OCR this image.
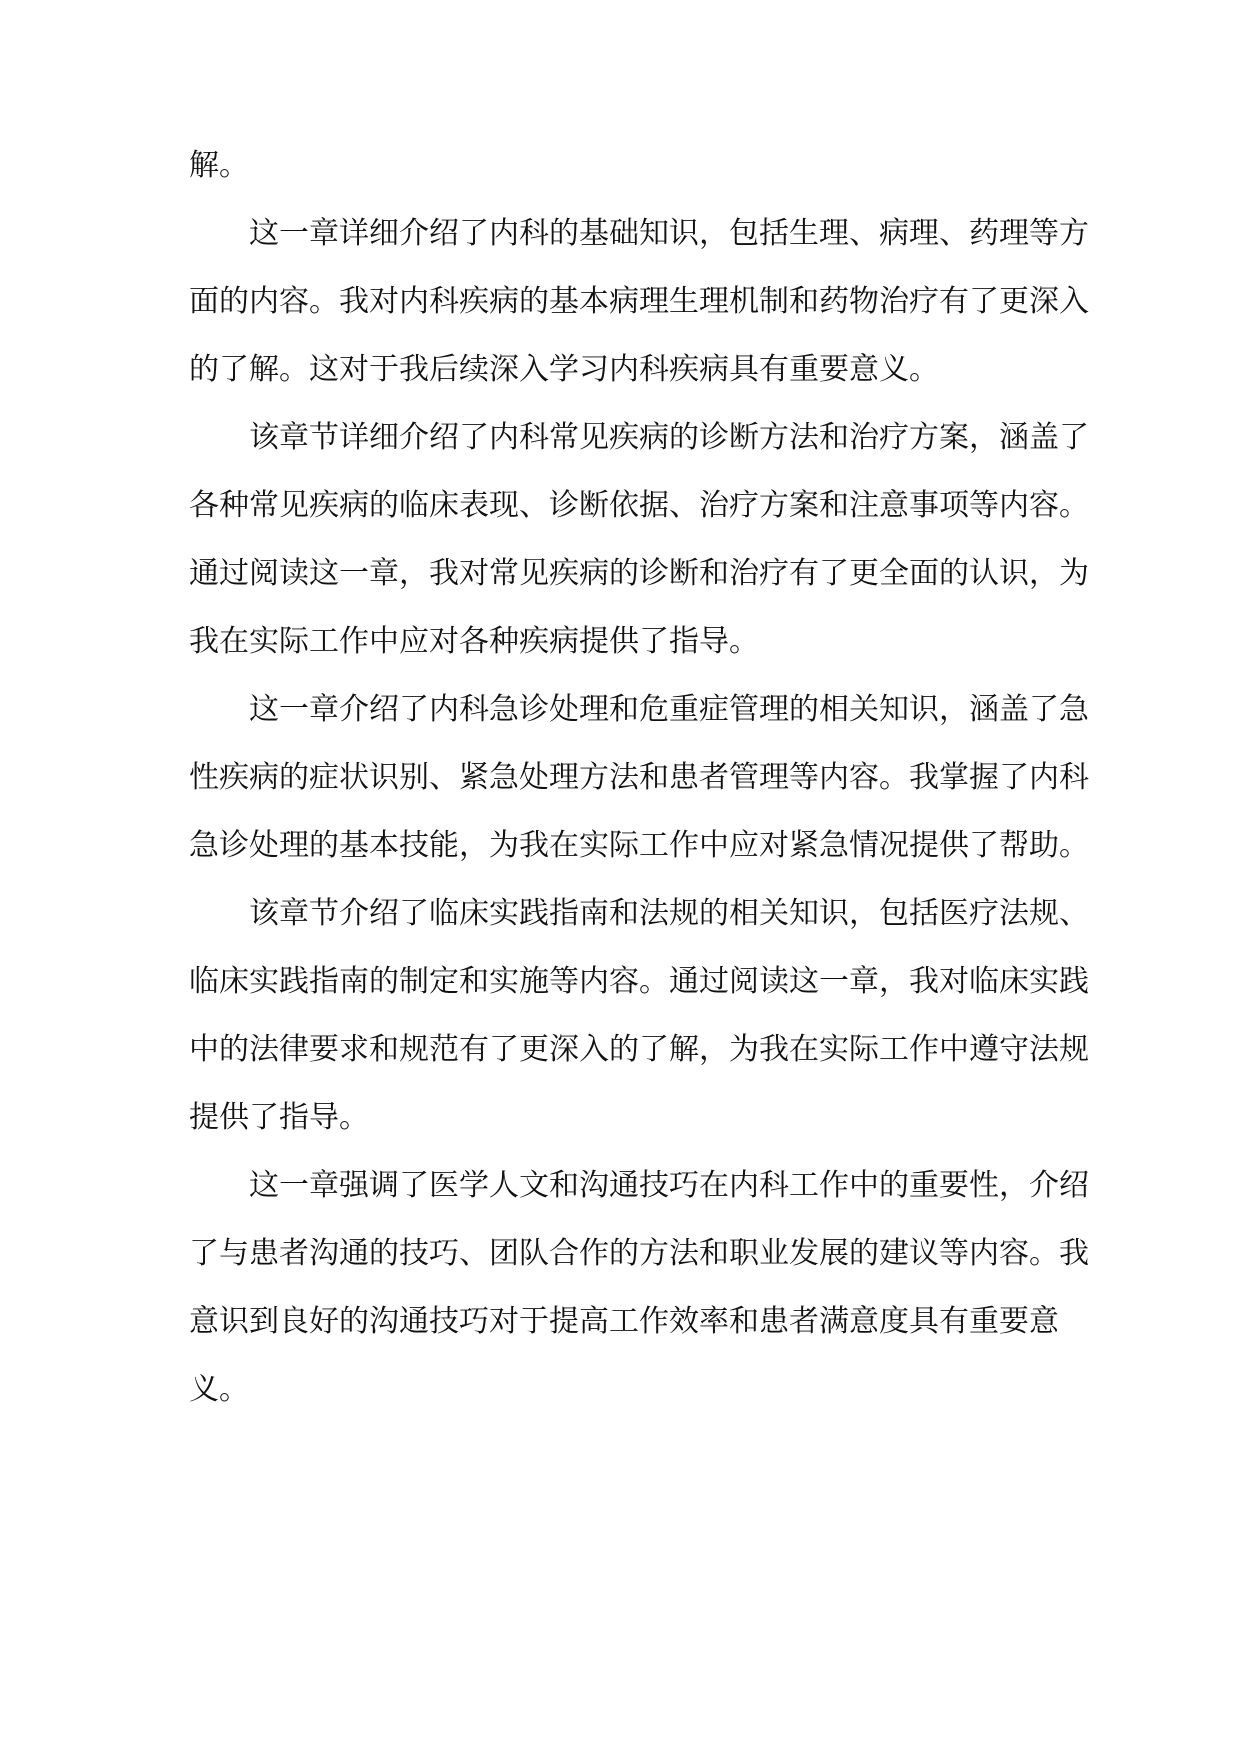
解。
这一章详细介绍了内科的基础知识，包括生理、病理、药理等方
面的内容。我对内科疾病的基本病理生理机制和药物治疗有了更深入
的了解。这对于我后续深入学习内科疾病具有重要意义。
该章节详细介绍了内科常见疾病的诊断方法和治疗方案，涵盖了
各种常见疾病的临床表现、诊断依据、治疗方案和注意事项等内容。
通过阅读这一章，我对常见疾病的诊断和治疗有了更全面的认识，为
我在实际工作中应对各种疾病提供了指导。
这一章介绍了内科急诊处理和危重症管理的相关知识，涵盖了急
性疾病的症状识别、紧急处理方法和患者管理等内容。我掌握了内科
急诊处理的基本技能，为我在实际工作中应对紧急情况提供了帮助。
该章节介绍了临床实践指南和法规的相关知识，包括医疗法规、
临床实践指南的制定和实施等内容。通过阅读这一章，我对临床实践
中的法律要求和规范有了更深入的了解，为我在实际工作中遵守法规
提供了指导。
这一章强调了医学人文和沟通技巧在内科工作中的重要性，介绍
了与患者沟通的技巧、团队合作的方法和职业发展的建议等内容。我
意识到良好的沟通技巧对于提高工作效率和患者满意度具有重要意
义。
